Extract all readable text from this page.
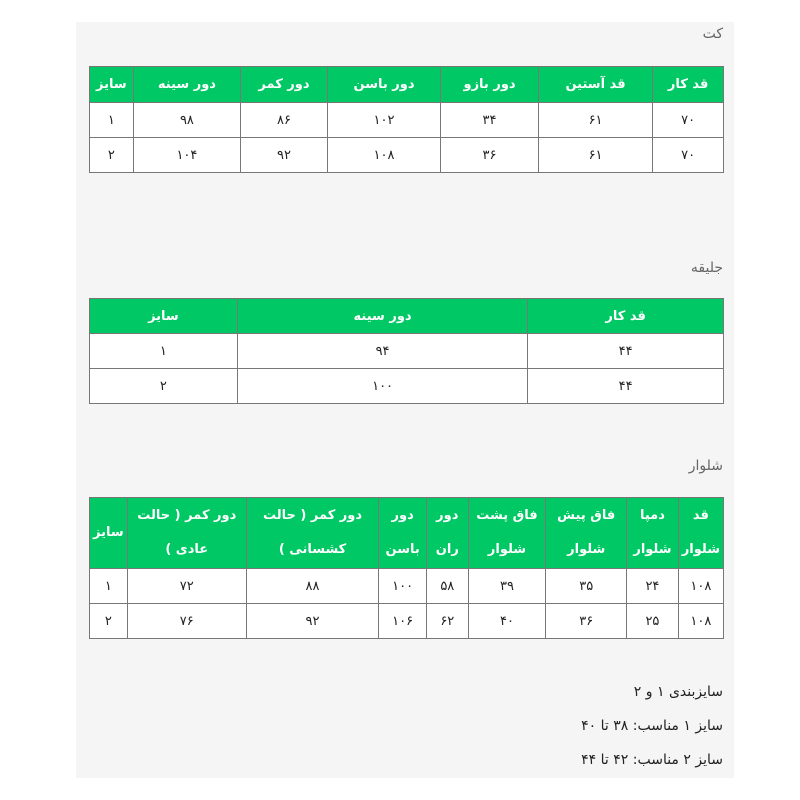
کت
قد کار	قد آستین	دور بازو	دور باسن	دور کمر	دور سینه	سایز
۷۰	۶۱	۳۴	۱۰۲	۸۶	۹۸	۱
۷۰	۶۱	۳۶	۱۰۸	۹۲	۱۰۴	۲
جلیقه
قد کار	دور سینه	سایز
۴۴	۹۴	۱
۴۴	۱۰۰	۲
شلوار
قد شلوار	دمپا شلوار	فاق پیش شلوار	فاق پشت شلوار	دور ران	دور باسن	دور کمر ( حالت کشسانی )	دور کمر ( حالت عادی )	سایز
۱۰۸	۲۴	۳۵	۳۹	۵۸	۱۰۰	۸۸	۷۲	۱
۱۰۸	۲۵	۳۶	۴۰	۶۲	۱۰۶	۹۲	۷۶	۲
سایزبندی ۱ و ۲
سایز ۱ مناسب: ۳۸ تا ۴۰
سایز ۲ مناسب: ۴۲ تا ۴۴
